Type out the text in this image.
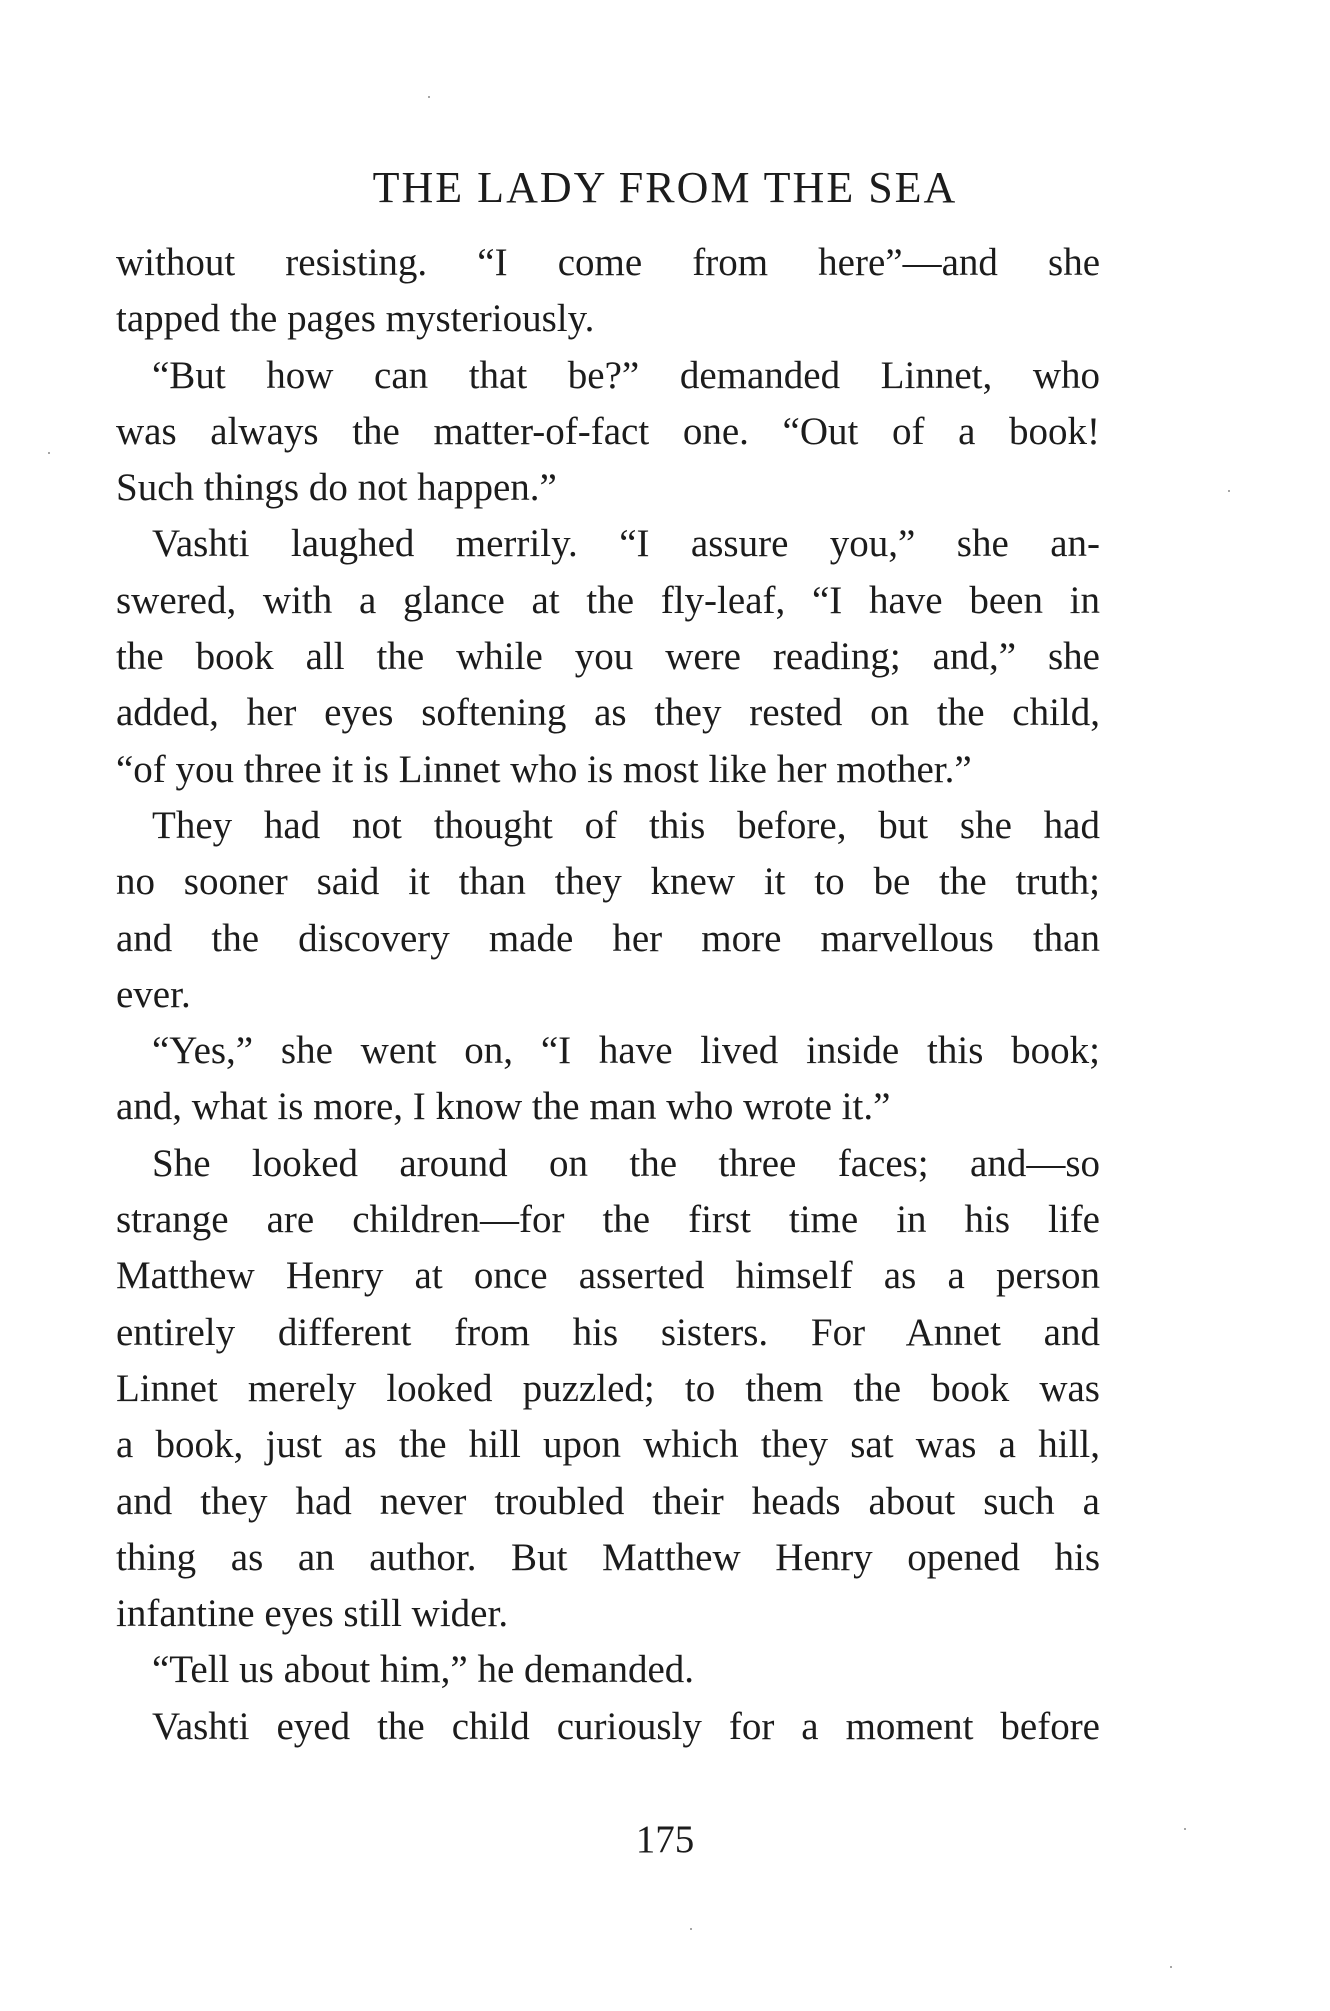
THE LADY FROM THE SEA
without resisting. “I come from here”—and she
tapped the pages mysteriously.
“But how can that be?” demanded Linnet, who
was always the matter-of-fact one. “Out of a book!
Such things do not happen.”
Vashti laughed merrily. “I assure you,” she an-
swered, with a glance at the fly-leaf, “I have been in
the book all the while you were reading; and,” she
added, her eyes softening as they rested on the child,
“of you three it is Linnet who is most like her mother.”
They had not thought of this before, but she had
no sooner said it than they knew it to be the truth;
and the discovery made her more marvellous than
ever.
“Yes,” she went on, “I have lived inside this book;
and, what is more, I know the man who wrote it.”
She looked around on the three faces; and—so
strange are children—for the first time in his life
Matthew Henry at once asserted himself as a person
entirely different from his sisters. For Annet and
Linnet merely looked puzzled; to them the book was
a book, just as the hill upon which they sat was a hill,
and they had never troubled their heads about such a
thing as an author. But Matthew Henry opened his
infantine eyes still wider.
“Tell us about him,” he demanded.
Vashti eyed the child curiously for a moment before
175
